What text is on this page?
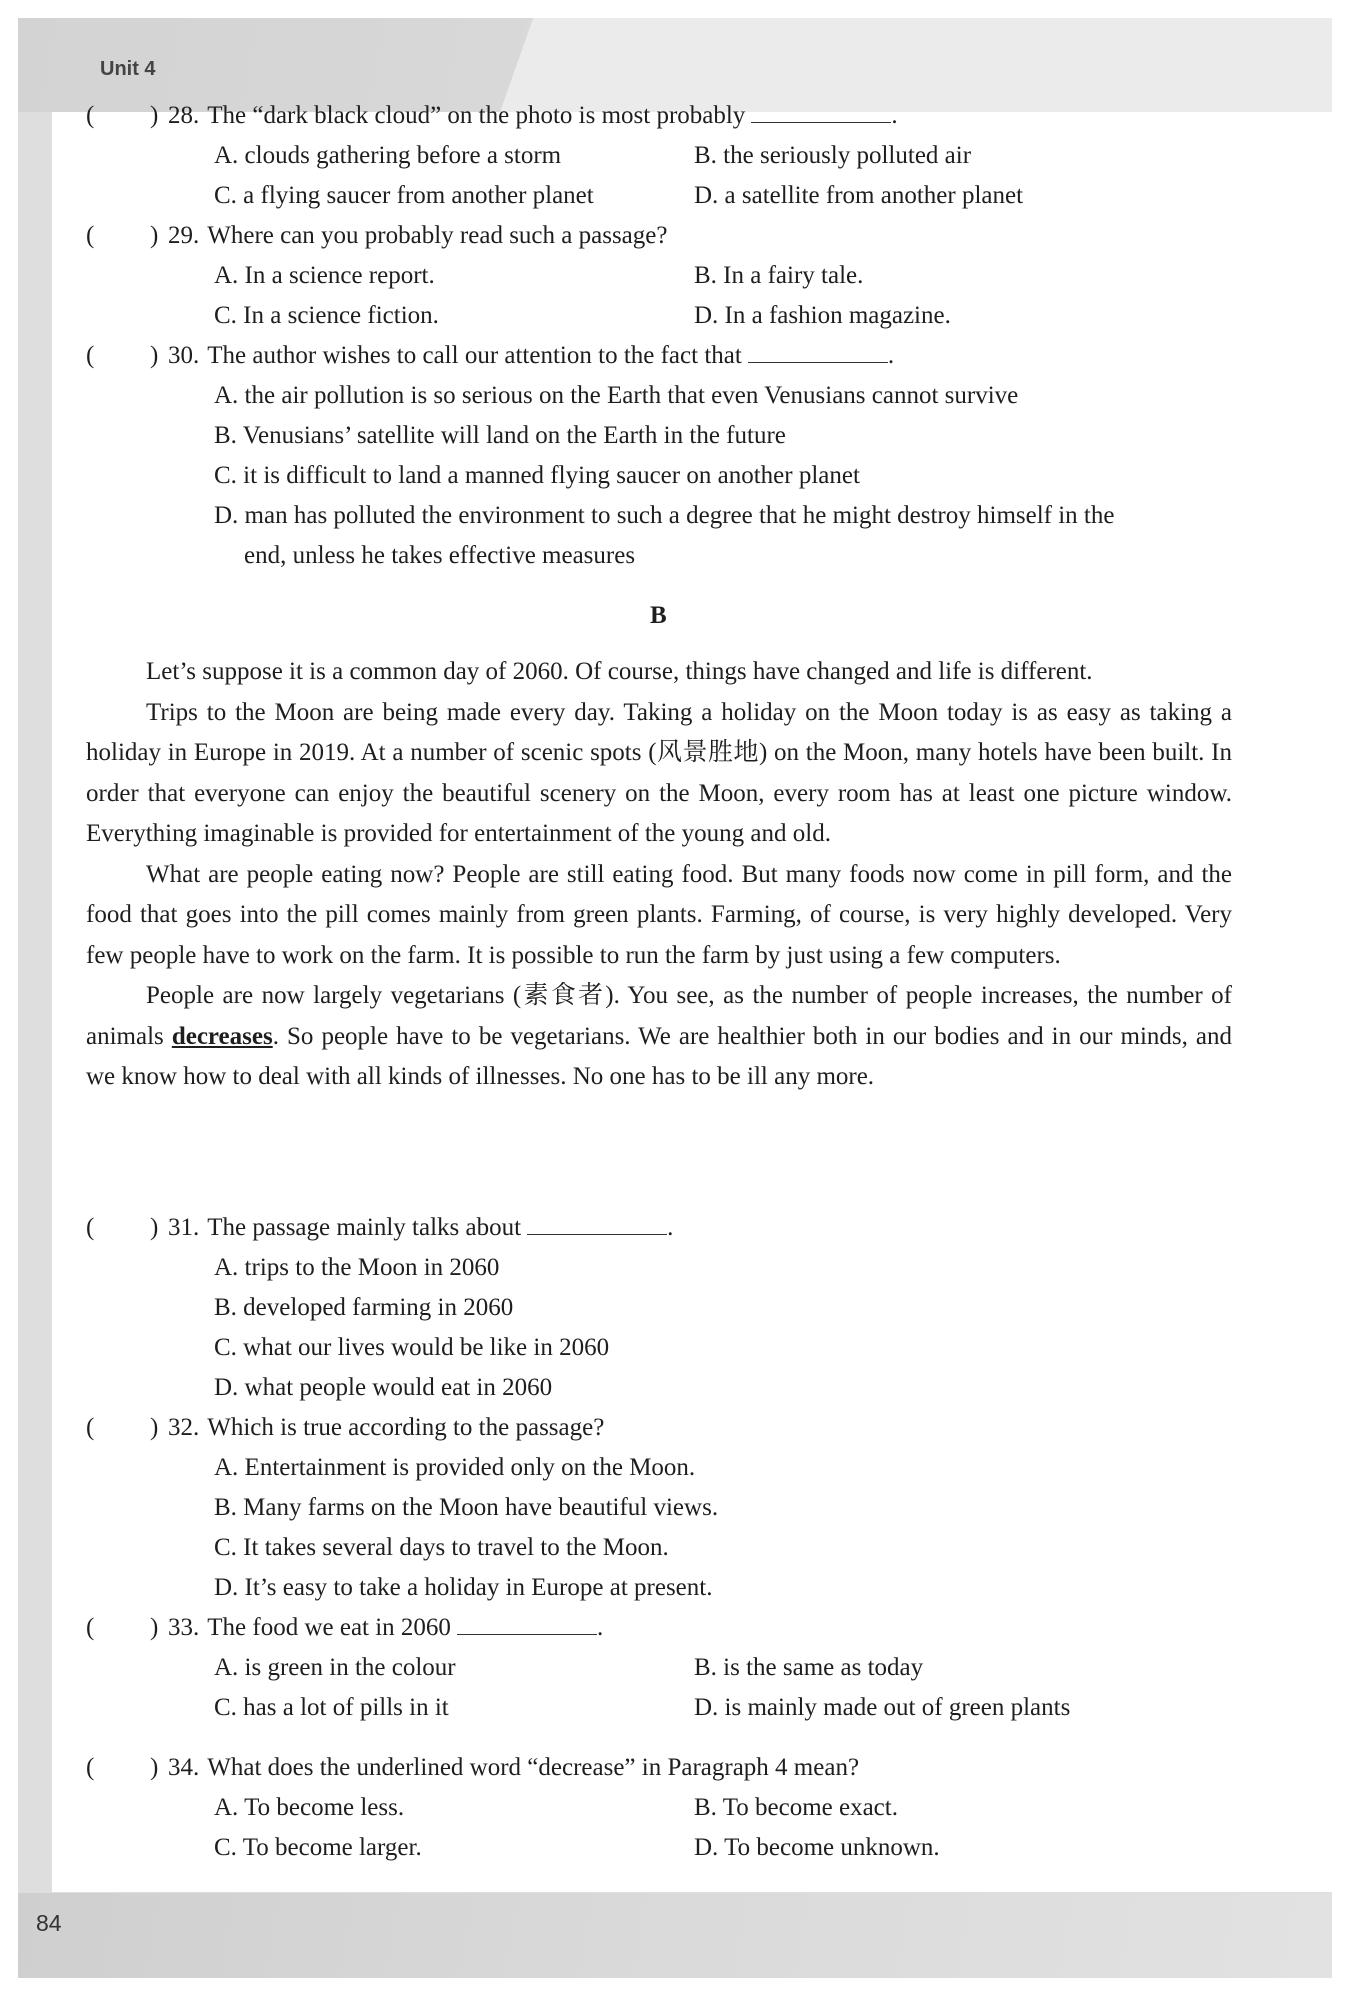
Unit 4
84
( ) 28. The “dark black cloud” on the photo is most probably	.
A. clouds gathering before a storm	B. the seriously polluted air
C. a flying saucer from another planet	D. a satellite from another planet
( ) 29. Where can you probably read such a passage?
A. In a science report.	B. In a fairy tale.
C. In a science fiction.	D. In a fashion magazine.
( ) 30. The author wishes to call our attention to the fact that	.
A. the air pollution is so serious on the Earth that even Venusians cannot survive
B. Venusians’ satellite will land on the Earth in the future
C. it is difficult to land a manned flying saucer on another planet
D. man has polluted the environment to such a degree that he might destroy himself in the
end, unless he takes effective measures
B

Let’s suppose it is a common day of 2060. Of course, things have changed and life is different.

Trips to the Moon are being made every day. Taking a holiday on the Moon today is as easy as taking a holiday in Europe in 2019. At a number of scenic spots (风景胜地) on the Moon, many hotels have been built. In order that everyone can enjoy the beautiful scenery on the Moon, every room has at least one picture window. Everything imaginable is provided for entertainment of the young and old.

What are people eating now? People are still eating food. But many foods now come in pill form, and the food that goes into the pill comes mainly from green plants. Farming, of course, is very highly developed. Very few people have to work on the farm. It is possible to run the farm by just using a few computers.

People are now largely vegetarians (素食者). You see, as the number of people increases, the number of animals decreases. So people have to be vegetarians. We are healthier both in our bodies and in our minds, and we know how to deal with all kinds of illnesses. No one has to be ill any more.

( ) 31. The passage mainly talks about	.
A. trips to the Moon in 2060
B. developed farming in 2060
C. what our lives would be like in 2060
D. what people would eat in 2060
( ) 32. Which is true according to the passage?
A. Entertainment is provided only on the Moon.
B. Many farms on the Moon have beautiful views.
C. It takes several days to travel to the Moon.
D. It’s easy to take a holiday in Europe at present.
( ) 33. The food we eat in 2060	.
A. is green in the colour	B. is the same as today
C. has a lot of pills in it	D. is mainly made out of green plants
( ) 34. What does the underlined word “decrease” in Paragraph 4 mean?
A. To become less.	B. To become exact.
C. To become larger.	D. To become unknown.
